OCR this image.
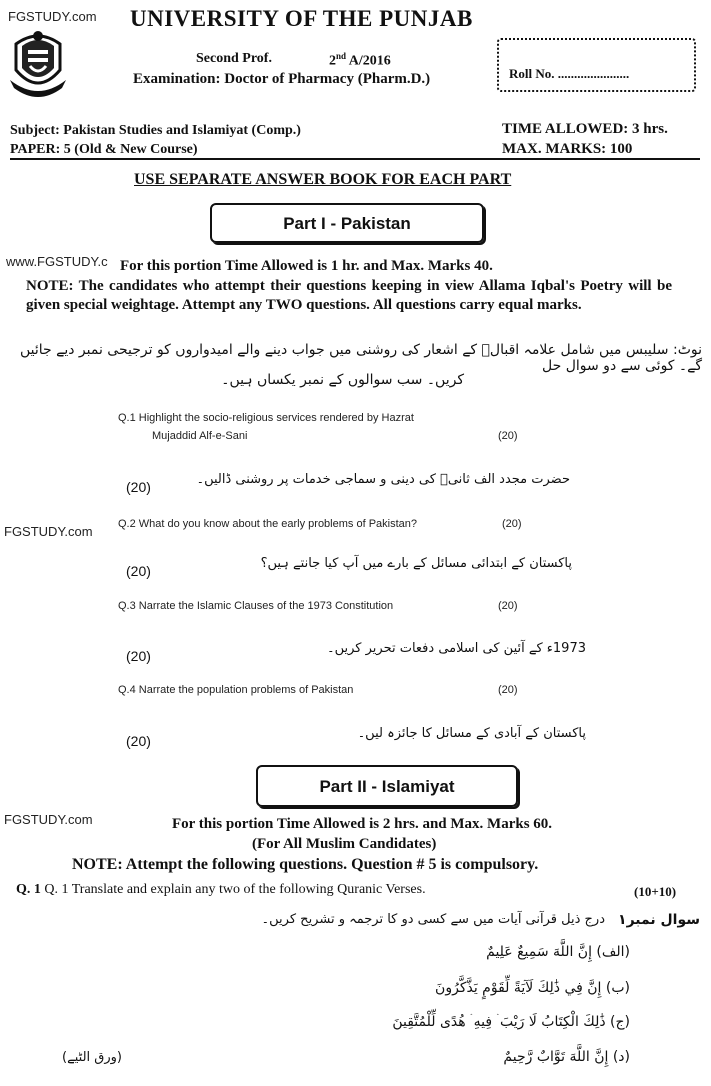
FGSTUDY.com
www.FGSTUDY.c
FGSTUDY.com
FGSTUDY.com
UNIVERSITY OF THE PUNJAB
Second Prof.	2nd A/2016
Examination: Doctor of Pharmacy (Pharm.D.)	Roll No. ......................
Subject: Pakistan Studies and Islamiyat (Comp.)	TIME ALLOWED: 3 hrs.
PAPER: 5 (Old & New Course)	MAX. MARKS: 100
USE SEPARATE ANSWER BOOK FOR EACH PART
Part I - Pakistan
For this portion Time Allowed is 1 hr. and Max. Marks 40.
NOTE: The candidates who attempt their questions keeping in view Allama Iqbal's Poetry will be given special weightage. Attempt any TWO questions. All questions carry equal marks.
نوٹ: سلیبس میں شامل علامہ اقبالؒ کے اشعار کی روشنی میں جواب دینے والے امیدواروں کو ترجیحی نمبر دیے جائیں گے۔ کوئی سے دو سوال حل
کریں۔ سب سوالوں کے نمبر یکساں ہیں۔
Q.1 Highlight the socio-religious services rendered by Hazrat
Mujaddid Alf-e-Sani	(20)
(20)	حضرت مجدد الف ثانیؒ کی دینی و سماجی خدمات پر روشنی ڈالیں۔
Q.2 What do you know about the early problems of Pakistan?	(20)
(20)	پاکستان کے ابتدائی مسائل کے بارے میں آپ کیا جانتے ہیں؟
Q.3 Narrate the Islamic Clauses of the 1973 Constitution	(20)
(20)	1973ء کے آئین کی اسلامی دفعات تحریر کریں۔
Q.4 Narrate the population problems of Pakistan	(20)
(20)	پاکستان کے آبادی کے مسائل کا جائزہ لیں۔
Part II - Islamiyat
For this portion Time Allowed is 2 hrs. and Max. Marks 60.
(For All Muslim Candidates)
NOTE: Attempt the following questions. Question # 5 is compulsory.
Q. 1 Q. 1 Translate and explain any two of the following Quranic Verses.	(10+10)
سوال نمبر۱
درج ذیل قرآنی آیات میں سے کسی دو کا ترجمہ و تشریح کریں۔
(الف) إِنَّ اللَّهَ سَمِيعٌ عَلِيمٌ
(ب) إِنَّ فِي ذَٰلِكَ لَآيَةً لِّقَوْمٍ يَذَّكَّرُونَ
(ج) ذَٰلِكَ الْكِتَابُ لَا رَيْبَ ۛ فِيهِ ۛ هُدًى لِّلْمُتَّقِينَ
(د) إِنَّ اللَّهَ تَوَّابٌ رَّحِيمٌ
(ورق الٹیے)
